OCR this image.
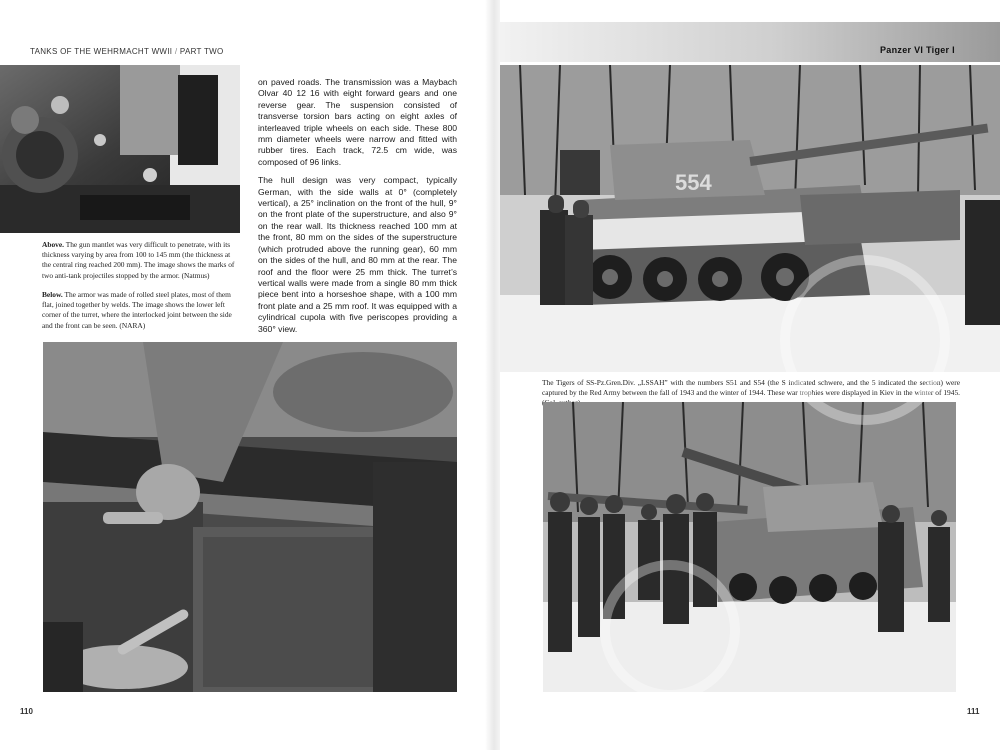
TANKS OF THE WEHRMACHT WWII / PART TWO
Above. The gun mantlet was very difficult to penetrate, with its thickness varying by area from 100 to 145 mm (the thickness at the central ring reached 200 mm). The image shows the marks of two anti-tank projectiles stopped by the armor. (Natmus)
Below. The armor was made of rolled steel plates, most of them flat, joined together by welds. The image shows the lower left corner of the turret, where the interlocked joint between the side and the front can be seen. (NARA)

on paved roads. The transmission was a Maybach Olvar 40 12 16 with eight forward gears and one reverse gear. The suspension consisted of transverse torsion bars acting on eight axles of interleaved triple wheels on each side. These 800 mm diameter wheels were narrow and fitted with rubber tires. Each track, 72.5 cm wide, was composed of 96 links.

The hull design was very compact, typically German, with the side walls at 0° (completely vertical), a 25° inclination on the front of the hull, 9° on the front plate of the superstructure, and also 9° on the rear wall. Its thickness reached 100 mm at the front, 80 mm on the sides of the superstructure (which protruded above the running gear), 60 mm on the sides of the hull, and 80 mm at the rear. The roof and the floor were 25 mm thick. The turret’s vertical walls were made from a single 80 mm thick piece bent into a horseshoe shape, with a 100 mm front plate and a 25 mm roof. It was equipped with a cylindrical cupola with five periscopes providing a 360° view.

110
Panzer VI Tiger I
554
The Tigers of SS-Pz.Gren.Div. „LSSAH” with the numbers S51 and S54 (the S indicated schwere, and the 5 indicated the section) were captured by the Red Army between the fall of 1943 and the winter of 1944. These war trophies were displayed in Kiev in the winter of 1945.
CUSSO MODEL	111
